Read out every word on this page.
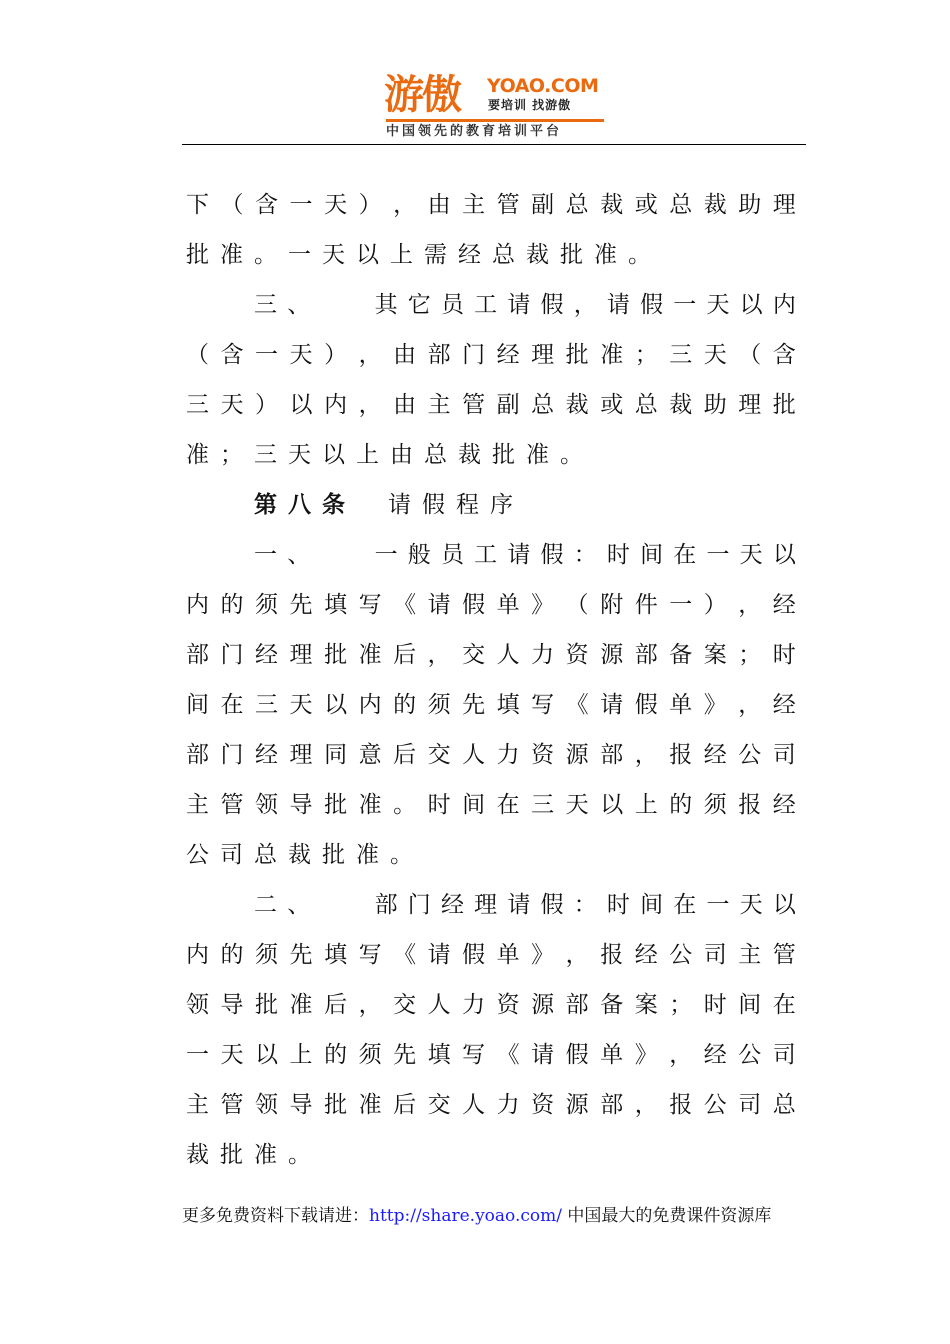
游傲 YOAO.COM
要培训 找游傲
中国领先的教育培训平台
下 （ 含 一 天 ） ， 由 主 管 副 总 裁 或 总 裁 助 理
批 准 。 一 天 以 上 需 经 总 裁 批 准 。
三 、
	其 它 员 工 请 假 ， 请 假 一 天 以 内
（ 含 一 天 ） ， 由 部 门 经 理 批 准 ； 三 天 （ 含
三 天 ） 以 内 ， 由 主 管 副 总 裁 或 总 裁 助 理 批
准 ； 三 天 以 上 由 总 裁 批 准 。
第八条 请假程序
一 、
	一 般 员 工 请 假 ： 时 间 在 一 天 以
内 的 须 先 填 写 《 请 假 单 》 （ 附 件 一 ） ， 经
部 门 经 理 批 准 后 ， 交 人 力 资 源 部 备 案 ； 时
间 在 三 天 以 内 的 须 先 填 写 《 请 假 单 》 ， 经
部 门 经 理 同 意 后 交 人 力 资 源 部 ， 报 经 公 司
主 管 领 导 批 准 。 时 间 在 三 天 以 上 的 须 报 经
公 司 总 裁 批 准 。
二 、
	部 门 经 理 请 假 ： 时 间 在 一 天 以
内 的 须 先 填 写 《 请 假 单 》 ， 报 经 公 司 主 管
领 导 批 准 后 ， 交 人 力 资 源 部 备 案 ； 时 间 在
一 天 以 上 的 须 先 填 写 《 请 假 单 》 ， 经 公 司
主 管 领 导 批 准 后 交 人 力 资 源 部 ， 报 公 司 总
裁 批 准 。
更多免费资料下载请进：http://share.yoao.com/ 中国最大的免费课件资源库
